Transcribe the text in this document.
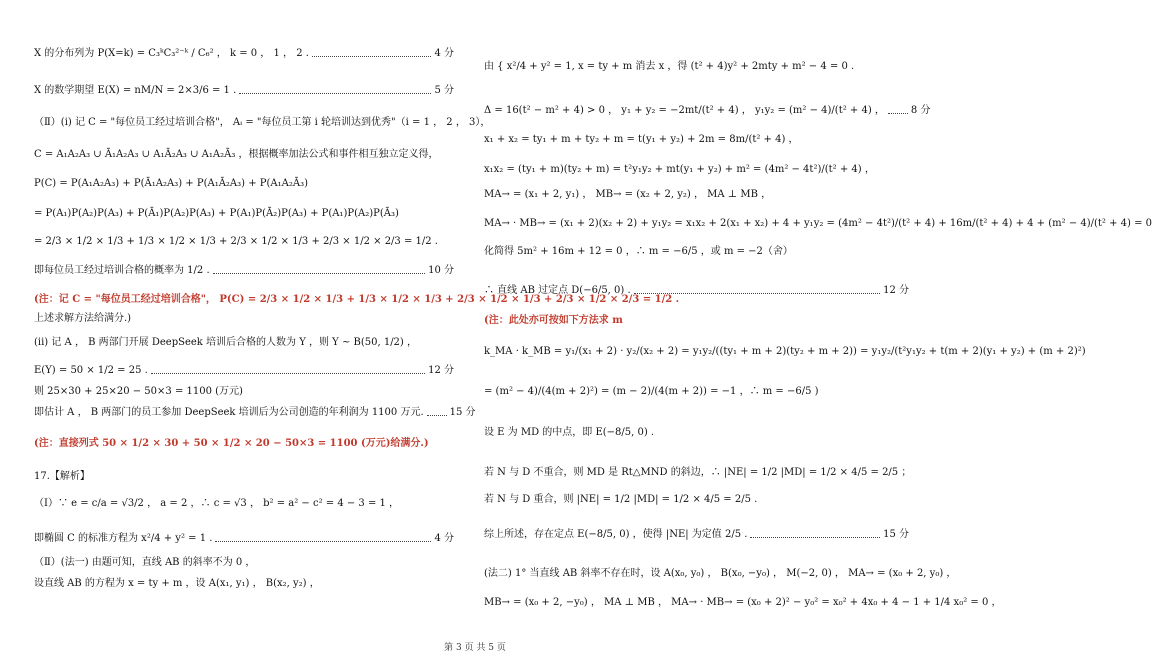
X 的分布列为 P(X=k) = C₃ᵏC₃²⁻ᵏ / C₆² ， k = 0 ， 1 ， 2 .	4 分
X 的数学期望 E(X) = nM/N = 2×3/6 = 1 .	5 分
（Ⅱ）(i) 记 C = "每位员工经过培训合格"， Aᵢ = "每位员工第 i 轮培训达到优秀"（i = 1 ， 2 ， 3），
C = A₁A₂A₃ ∪ Ā₁A₂A₃ ∪ A₁Ā₂A₃ ∪ A₁A₂Ā₃ ，根据概率加法公式和事件相互独立定义得，
P(C) = P(A₁A₂A₃) + P(Ā₁A₂A₃) + P(A₁Ā₂A₃) + P(A₁A₂Ā₃)
= P(A₁)P(A₂)P(A₃) + P(Ā₁)P(A₂)P(A₃) + P(A₁)P(Ā₂)P(A₃) + P(A₁)P(A₂)P(Ā₃)
= 2/3 × 1/2 × 1/3 + 1/3 × 1/2 × 1/3 + 2/3 × 1/2 × 1/3 + 2/3 × 1/2 × 2/3 = 1/2 .
即每位员工经过培训合格的概率为 1/2 .	10 分
(注：记 C = "每位员工经过培训合格"， P(C) = 2/3 × 1/2 × 1/3 + 1/3 × 1/2 × 1/3 + 2/3 × 1/2 × 1/3 + 2/3 × 1/2 × 2/3 = 1/2 .
上述求解方法给满分.)
(ii) 记 A ， B 两部门开展 DeepSeek 培训后合格的人数为 Y ，则 Y ~ B(50, 1/2) ，
E(Y) = 50 × 1/2 = 25 .	12 分
则 25×30 + 25×20 − 50×3 = 1100 (万元)
即估计 A ， B 两部门的员工参加 DeepSeek 培训后为公司创造的年利润为 1100 万元.	15 分
(注：直接列式 50 × 1/2 × 30 + 50 × 1/2 × 20 − 50×3 = 1100 (万元)给满分.)
17.【解析】
（Ⅰ）∵ e = c/a = √3/2 ， a = 2 ，∴ c = √3 ， b² = a² − c² = 4 − 3 = 1 ，
即椭圆 C 的标准方程为 x²/4 + y² = 1 .	4 分
（Ⅱ）(法一) 由题可知，直线 AB 的斜率不为 0 ，
设直线 AB 的方程为 x = ty + m ，设 A(x₁, y₁) ， B(x₂, y₂) ，
由 { x²/4 + y² = 1, x = ty + m 消去 x ，得 (t² + 4)y² + 2mty + m² − 4 = 0 .
Δ = 16(t² − m² + 4) > 0 ， y₁ + y₂ = −2mt/(t² + 4) ， y₁y₂ = (m² − 4)/(t² + 4) ，	8 分
x₁ + x₂ = ty₁ + m + ty₂ + m = t(y₁ + y₂) + 2m = 8m/(t² + 4) ，
x₁x₂ = (ty₁ + m)(ty₂ + m) = t²y₁y₂ + mt(y₁ + y₂) + m² = (4m² − 4t²)/(t² + 4) ，
MA→ = (x₁ + 2, y₁) ， MB→ = (x₂ + 2, y₂) ， MA ⊥ MB ，
MA→ · MB→ = (x₁ + 2)(x₂ + 2) + y₁y₂ = x₁x₂ + 2(x₁ + x₂) + 4 + y₁y₂ = (4m² − 4t²)/(t² + 4) + 16m/(t² + 4) + 4 + (m² − 4)/(t² + 4) = 0
化简得 5m² + 16m + 12 = 0 ，∴ m = −6/5 ，或 m = −2（舍）
∴ 直线 AB 过定点 D(−6/5, 0) .	12 分
(注：此处亦可按如下方法求 m
k_MA · k_MB = y₁/(x₁ + 2) · y₂/(x₂ + 2) = y₁y₂/((ty₁ + m + 2)(ty₂ + m + 2)) = y₁y₂/(t²y₁y₂ + t(m + 2)(y₁ + y₂) + (m + 2)²)
= (m² − 4)/(4(m + 2)²) = (m − 2)/(4(m + 2)) = −1 ，∴ m = −6/5 )
设 E 为 MD 的中点，即 E(−8/5, 0) .
若 N 与 D 不重合，则 MD 是 Rt△MND 的斜边，∴ |NE| = 1/2 |MD| = 1/2 × 4/5 = 2/5 ；
若 N 与 D 重合，则 |NE| = 1/2 |MD| = 1/2 × 4/5 = 2/5 .
综上所述，存在定点 E(−8/5, 0) ，使得 |NE| 为定值 2/5 .	15 分
(法二) 1° 当直线 AB 斜率不存在时，设 A(x₀, y₀) ， B(x₀, −y₀) ， M(−2, 0) ， MA→ = (x₀ + 2, y₀) ，
MB→ = (x₀ + 2, −y₀) ， MA ⊥ MB ， MA→ · MB→ = (x₀ + 2)² − y₀² = x₀² + 4x₀ + 4 − 1 + 1/4 x₀² = 0 ，
第 3 页 共 5 页
